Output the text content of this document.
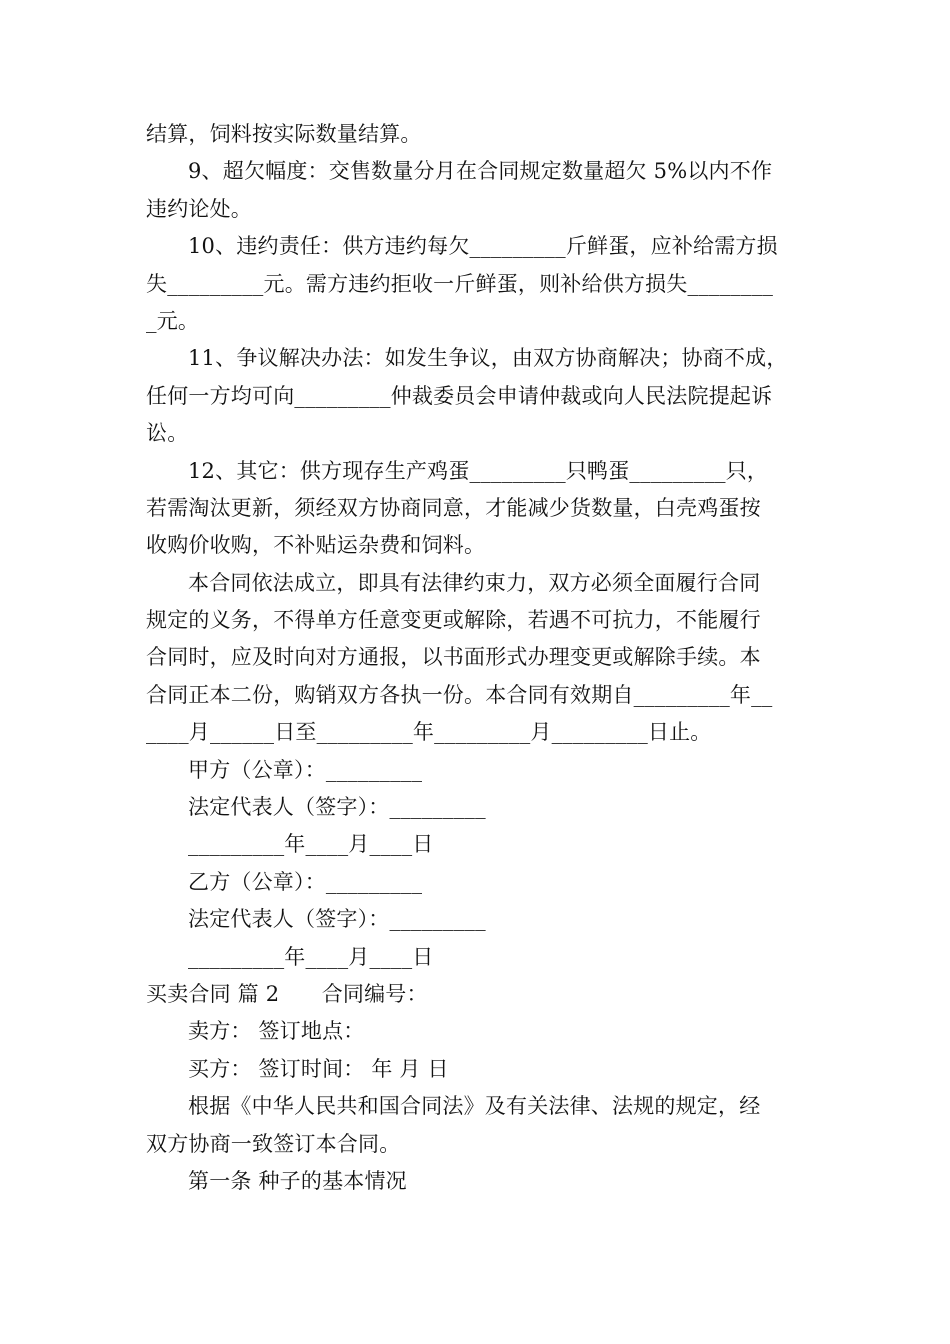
结算，饲料按实际数量结算。
9、超欠幅度：交售数量分月在合同规定数量超欠 5%以内不作
违约论处。
10、违约责任：供方违约每欠_________斤鲜蛋，应补给需方损
失_________元。需方违约拒收一斤鲜蛋，则补给供方损失________
_元。
11、争议解决办法：如发生争议，由双方协商解决；协商不成，
任何一方均可向_________仲裁委员会申请仲裁或向人民法院提起诉
讼。
12、其它：供方现存生产鸡蛋_________只鸭蛋_________只，
若需淘汰更新，须经双方协商同意，才能减少货数量，白壳鸡蛋按
收购价收购，不补贴运杂费和饲料。
本合同依法成立，即具有法律约束力，双方必须全面履行合同
规定的义务，不得单方任意变更或解除，若遇不可抗力，不能履行
合同时，应及时向对方通报，以书面形式办理变更或解除手续。本
合同正本二份，购销双方各执一份。本合同有效期自_________年__
____月______日至_________年_________月_________日止。
甲方（公章）：_________
法定代表人（签字）：_________
_________年____月____日
乙方（公章）：_________
法定代表人（签字）：_________
_________年____月____日
买卖合同 篇 2　　合同编号：
卖方： 签订地点：
买方： 签订时间： 年 月 日
根据《中华人民共和国合同法》及有关法律、法规的规定，经
双方协商一致签订本合同。
第一条 种子的基本情况
